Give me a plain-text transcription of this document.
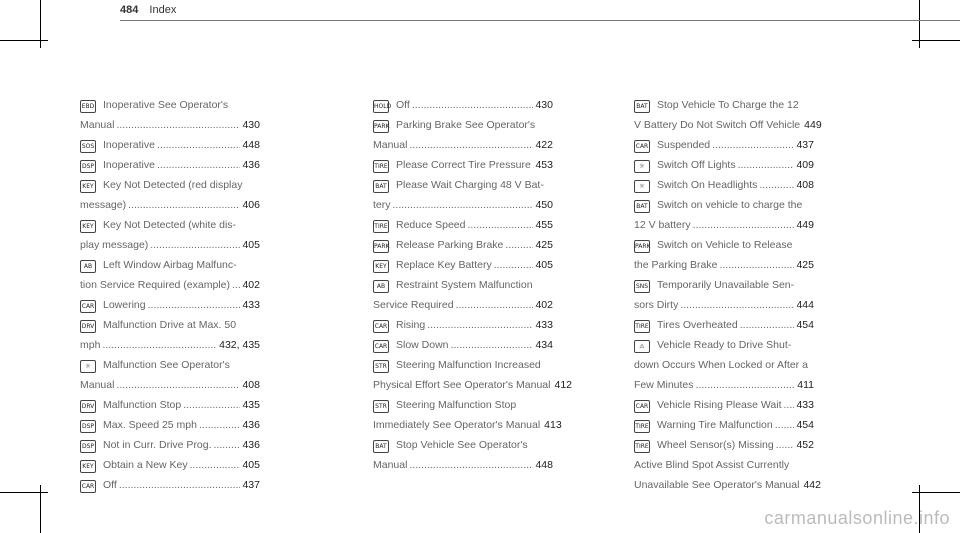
484 Index
EBD Inoperative See Operator's
Manual .....	430
SOS Inoperative .....	448
DSP Inoperative .....	436
KEY Key Not Detected (red display
message) .....	406
KEY Key Not Detected (white dis-
play message) .....	405
AB	Left Window Airbag Malfunc-
tion Service Required (example) ..... 402
CAR Lowering .....	433
DRV Malfunction Drive at Max. 50
mph .....	432, 435
☼	Malfunction See Operator's
Manual .....	408
DRV Malfunction Stop .....	435
DSP Max. Speed 25 mph .....	436
DSP Not in Curr. Drive Prog. .....	436
KEY Obtain a New Key .....	405
CAR Off .....	437
HOLD Off .....	430
PARK Parking Brake See Operator's
Manual .....	422
TIRE Please Correct Tire Pressure ..... 453
BAT Please Wait Charging 48 V Bat-
tery .....	450
TIRE Reduce Speed .....	455
PARK Release Parking Brake .....	425
KEY Replace Key Battery .....	405
AB	Restraint System Malfunction
Service Required .....	402
CAR Rising .....	433
CAR Slow Down .....	434
STR Steering Malfunction Increased
Physical Effort See Operator's Manual 412
STR Steering Malfunction Stop
Immediately See Operator's Manual 413
BAT Stop Vehicle See Operator's
Manual .....	448
BAT Stop Vehicle To Charge the 12
V Battery Do Not Switch Off Vehicle 449
CAR Suspended .....	437
☼	Switch Off Lights .....	409
☼	Switch On Headlights .....	408
BAT Switch on vehicle to charge the
12 V battery .....	449
PARK Switch on Vehicle to Release
the Parking Brake .....	425
SNS Temporarily Unavailable Sen-
sors Dirty .....	444
TIRE Tires Overheated .....	454
⚠	Vehicle Ready to Drive Shut-
down Occurs When Locked or After a
Few Minutes .....	411
CAR Vehicle Rising Please Wait ..... 433
TIRE Warning Tire Malfunction ..... 454
TIRE Wheel Sensor(s) Missing ..... 452
Active Blind Spot Assist Currently
Unavailable See Operator's Manual 442
carmanualsonline.info
